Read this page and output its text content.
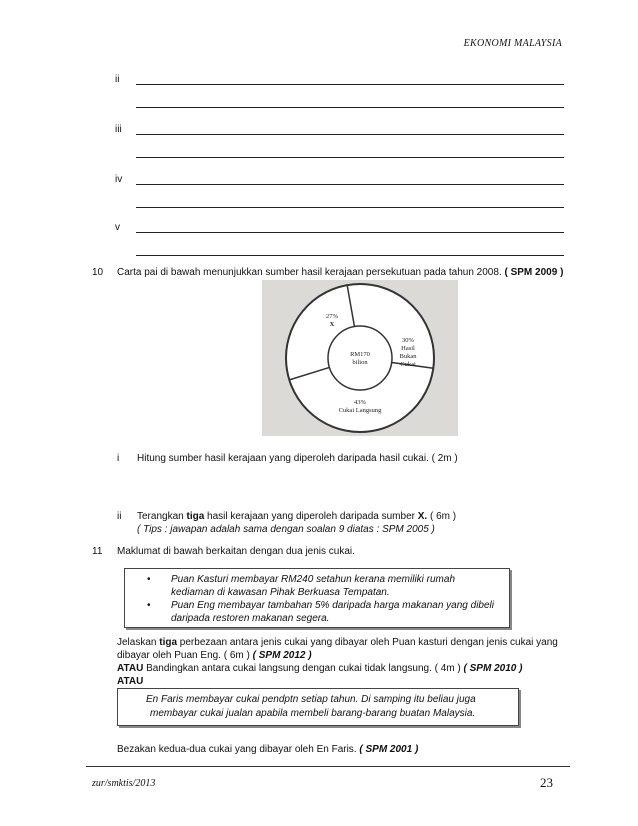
EKONOMI MALAYSIA
ii
iii
iv
v
10 Carta pai di bawah menunjukkan sumber hasil kerajaan persekutuan pada tahun 2008. ( SPM 2009 )
RM170
bilion
27%
X
30%
Hasil
Bukan
Cukai
43%
Cukai Langsung
i Hitung sumber hasil kerajaan yang diperoleh daripada hasil cukai. ( 2m )
ii Terangkan tiga hasil kerajaan yang diperoleh daripada sumber X. ( 6m )
( Tips : jawapan adalah sama dengan soalan 9 diatas : SPM 2005 )
11 Maklumat di bawah berkaitan dengan dua jenis cukai.
• Puan Kasturi membayar RM240 setahun kerana memiliki rumah kediaman di kawasan Pihak Berkuasa Tempatan.
• Puan Eng membayar tambahan 5% daripada harga makanan yang dibeli daripada restoren makanan segera.
Jelaskan tiga perbezaan antara jenis cukai yang dibayar oleh Puan kasturi dengan jenis cukai yang dibayar oleh Puan Eng. ( 6m ) ( SPM 2012 )
ATAU Bandingkan antara cukai langsung dengan cukai tidak langsung. ( 4m ) ( SPM 2010 )
ATAU
En Faris membayar cukai pendptn setiap tahun. Di samping itu beliau juga
membayar cukai jualan apabila membeli barang-barang buatan Malaysia.
Bezakan kedua-dua cukai yang dibayar oleh En Faris. ( SPM 2001 )
zur/smktis/2013	23
